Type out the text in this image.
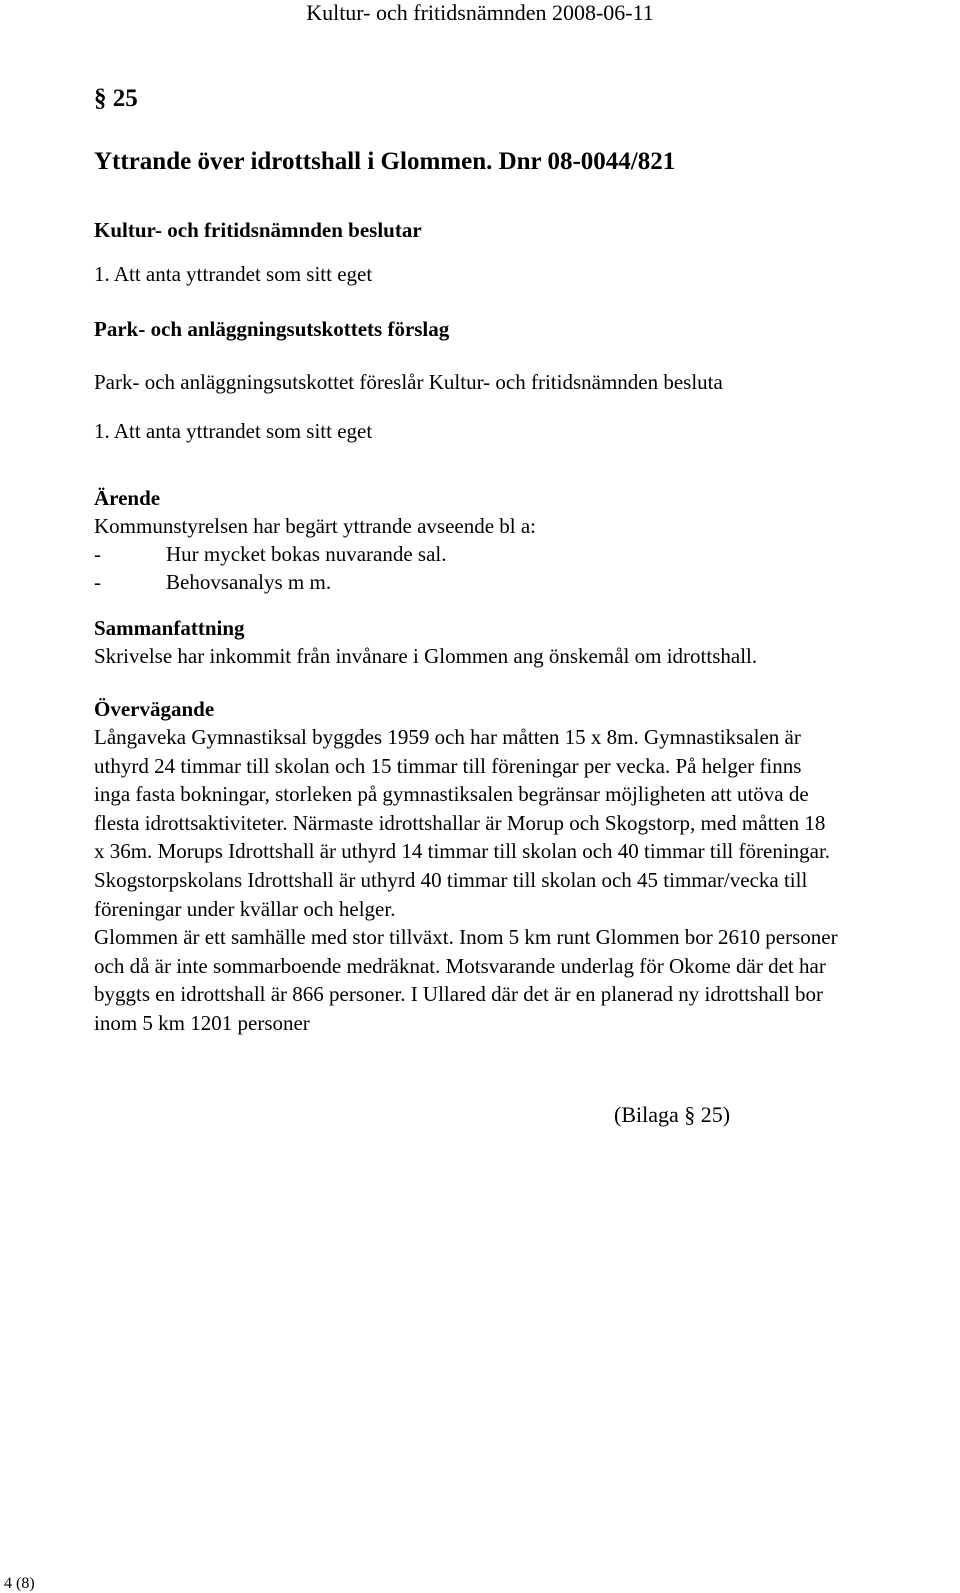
Kultur- och fritidsnämnden 2008-06-11
§ 25
Yttrande över idrottshall i Glommen. Dnr 08-0044/821
Kultur- och fritidsnämnden beslutar

1. Att anta yttrandet som sitt eget

Park- och anläggningsutskottets förslag

Park- och anläggningsutskottet föreslår Kultur- och fritidsnämnden besluta

1. Att anta yttrandet som sitt eget

Ärende

Kommunstyrelsen har begärt yttrande avseende bl a:

-	Hur mycket bokas nuvarande sal.
-	Behovsanalys m m.
Sammanfattning

Skrivelse har inkommit från invånare i Glommen ang önskemål om idrottshall.

Övervägande

Långaveka Gymnastiksal byggdes 1959 och har måtten 15 x 8m. Gymnastiksalen är

uthyrd 24 timmar till skolan och 15 timmar till föreningar per vecka. På helger finns

inga fasta bokningar, storleken på gymnastiksalen begränsar möjligheten att utöva de

flesta idrottsaktiviteter. Närmaste idrottshallar är Morup och Skogstorp, med måtten 18

x 36m. Morups Idrottshall är uthyrd 14 timmar till skolan och 40 timmar till föreningar.

Skogstorpskolans Idrottshall är uthyrd 40 timmar till skolan och 45 timmar/vecka till

föreningar under kvällar och helger.

Glommen är ett samhälle med stor tillväxt. Inom 5 km runt Glommen bor 2610 personer

och då är inte sommarboende medräknat. Motsvarande underlag för Okome där det har

byggts en idrottshall är 866 personer. I Ullared där det är en planerad ny idrottshall bor

inom 5 km 1201 personer

(Bilaga § 25)
4 (8)
